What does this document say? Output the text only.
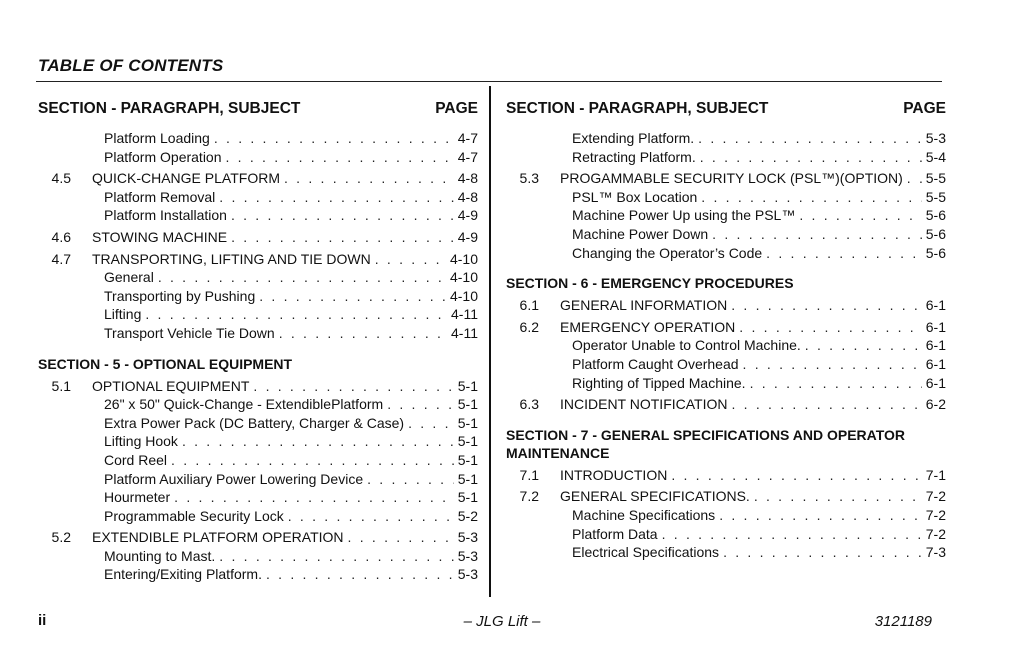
TABLE OF CONTENTS
SECTION - PARAGRAPH, SUBJECT	PAGE
Platform Loading . . .	4-7
Platform Operation . . .	4-7
4.5 QUICK-CHANGE PLATFORM . . .	4-8
Platform Removal . . .	4-8
Platform Installation . . .	4-9
4.6 STOWING MACHINE . . .	4-9
4.7 TRANSPORTING, LIFTING AND TIE DOWN . . .	4-10
General . . .	4-10
Transporting by Pushing . . .	4-10
Lifting . . .	4-11
Transport Vehicle Tie Down . . .	4-11
SECTION - 5 - OPTIONAL EQUIPMENT
5.1 OPTIONAL EQUIPMENT . . .	5-1
26" x 50" Quick-Change - ExtendiblePlatform . . .	5-1
Extra Power Pack (DC Battery, Charger & Case) . . .	5-1
Lifting Hook . . .	5-1
Cord Reel . . .	5-1
Platform Auxiliary Power Lowering Device . . .	5-1
Hourmeter . . .	5-1
Programmable Security Lock . . .	5-2
5.2 EXTENDIBLE PLATFORM OPERATION . . .	5-3
Mounting to Mast. . . .	5-3
Entering/Exiting Platform. . . .	5-3
SECTION - PARAGRAPH, SUBJECT	PAGE
Extending Platform. . . .	5-3
Retracting Platform. . . .	5-4
5.3 PROGAMMABLE SECURITY LOCK (PSL™)(OPTION) . . . 5-5
PSL™ Box Location . . .	5-5
Machine Power Up using the PSL™ . . .	5-6
Machine Power Down . . .	5-6
Changing the Operator’s Code . . .	5-6
SECTION - 6 - EMERGENCY PROCEDURES
6.1 GENERAL INFORMATION . . .	6-1
6.2 EMERGENCY OPERATION . . .	6-1
Operator Unable to Control Machine. . . .	6-1
Platform Caught Overhead . . .	6-1
Righting of Tipped Machine. . . .	6-1
6.3 INCIDENT NOTIFICATION . . .	6-2
SECTION - 7 - GENERAL SPECIFICATIONS AND OPERATOR MAINTENANCE
7.1 INTRODUCTION . . .	7-1
7.2 GENERAL SPECIFICATIONS. . . .	7-2
Machine Specifications . . .	7-2
Platform Data . . .	7-2
Electrical Specifications . . .	7-3
ii	– JLG Lift –	3121189
